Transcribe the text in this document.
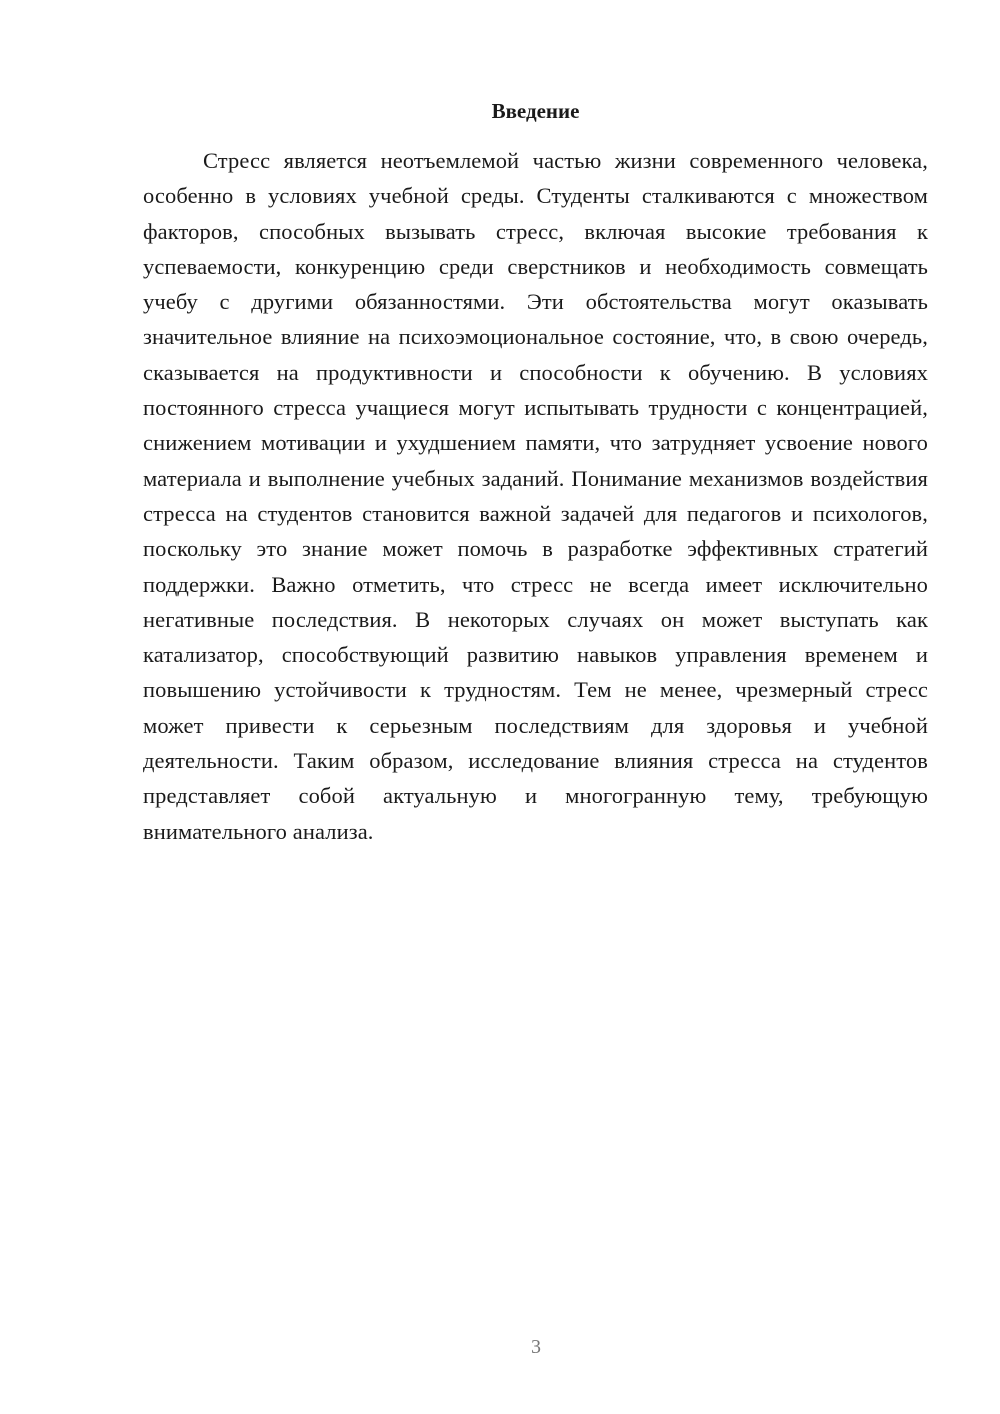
Введение

Стресс является неотъемлемой частью жизни современного человека, особенно в условиях учебной среды. Студенты сталкиваются с множеством факторов, способных вызывать стресс, включая высокие требования к успеваемости, конкуренцию среди сверстников и необходимость совмещать учебу с другими обязанностями. Эти обстоятельства могут оказывать значительное влияние на психоэмоциональное состояние, что, в свою очередь, сказывается на продуктивности и способности к обучению. В условиях постоянного стресса учащиеся могут испытывать трудности с концентрацией, снижением мотивации и ухудшением памяти, что затрудняет усвоение нового материала и выполнение учебных заданий. Понимание механизмов воздействия стресса на студентов становится важной задачей для педагогов и психологов, поскольку это знание может помочь в разработке эффективных стратегий поддержки. Важно отметить, что стресс не всегда имеет исключительно негативные последствия. В некоторых случаях он может выступать как катализатор, способствующий развитию навыков управления временем и повышению устойчивости к трудностям. Тем не менее, чрезмерный стресс может привести к серьезным последствиям для здоровья и учебной деятельности. Таким образом, исследование влияния стресса на студентов представляет собой актуальную и многогранную тему, требующую внимательного анализа.

3
